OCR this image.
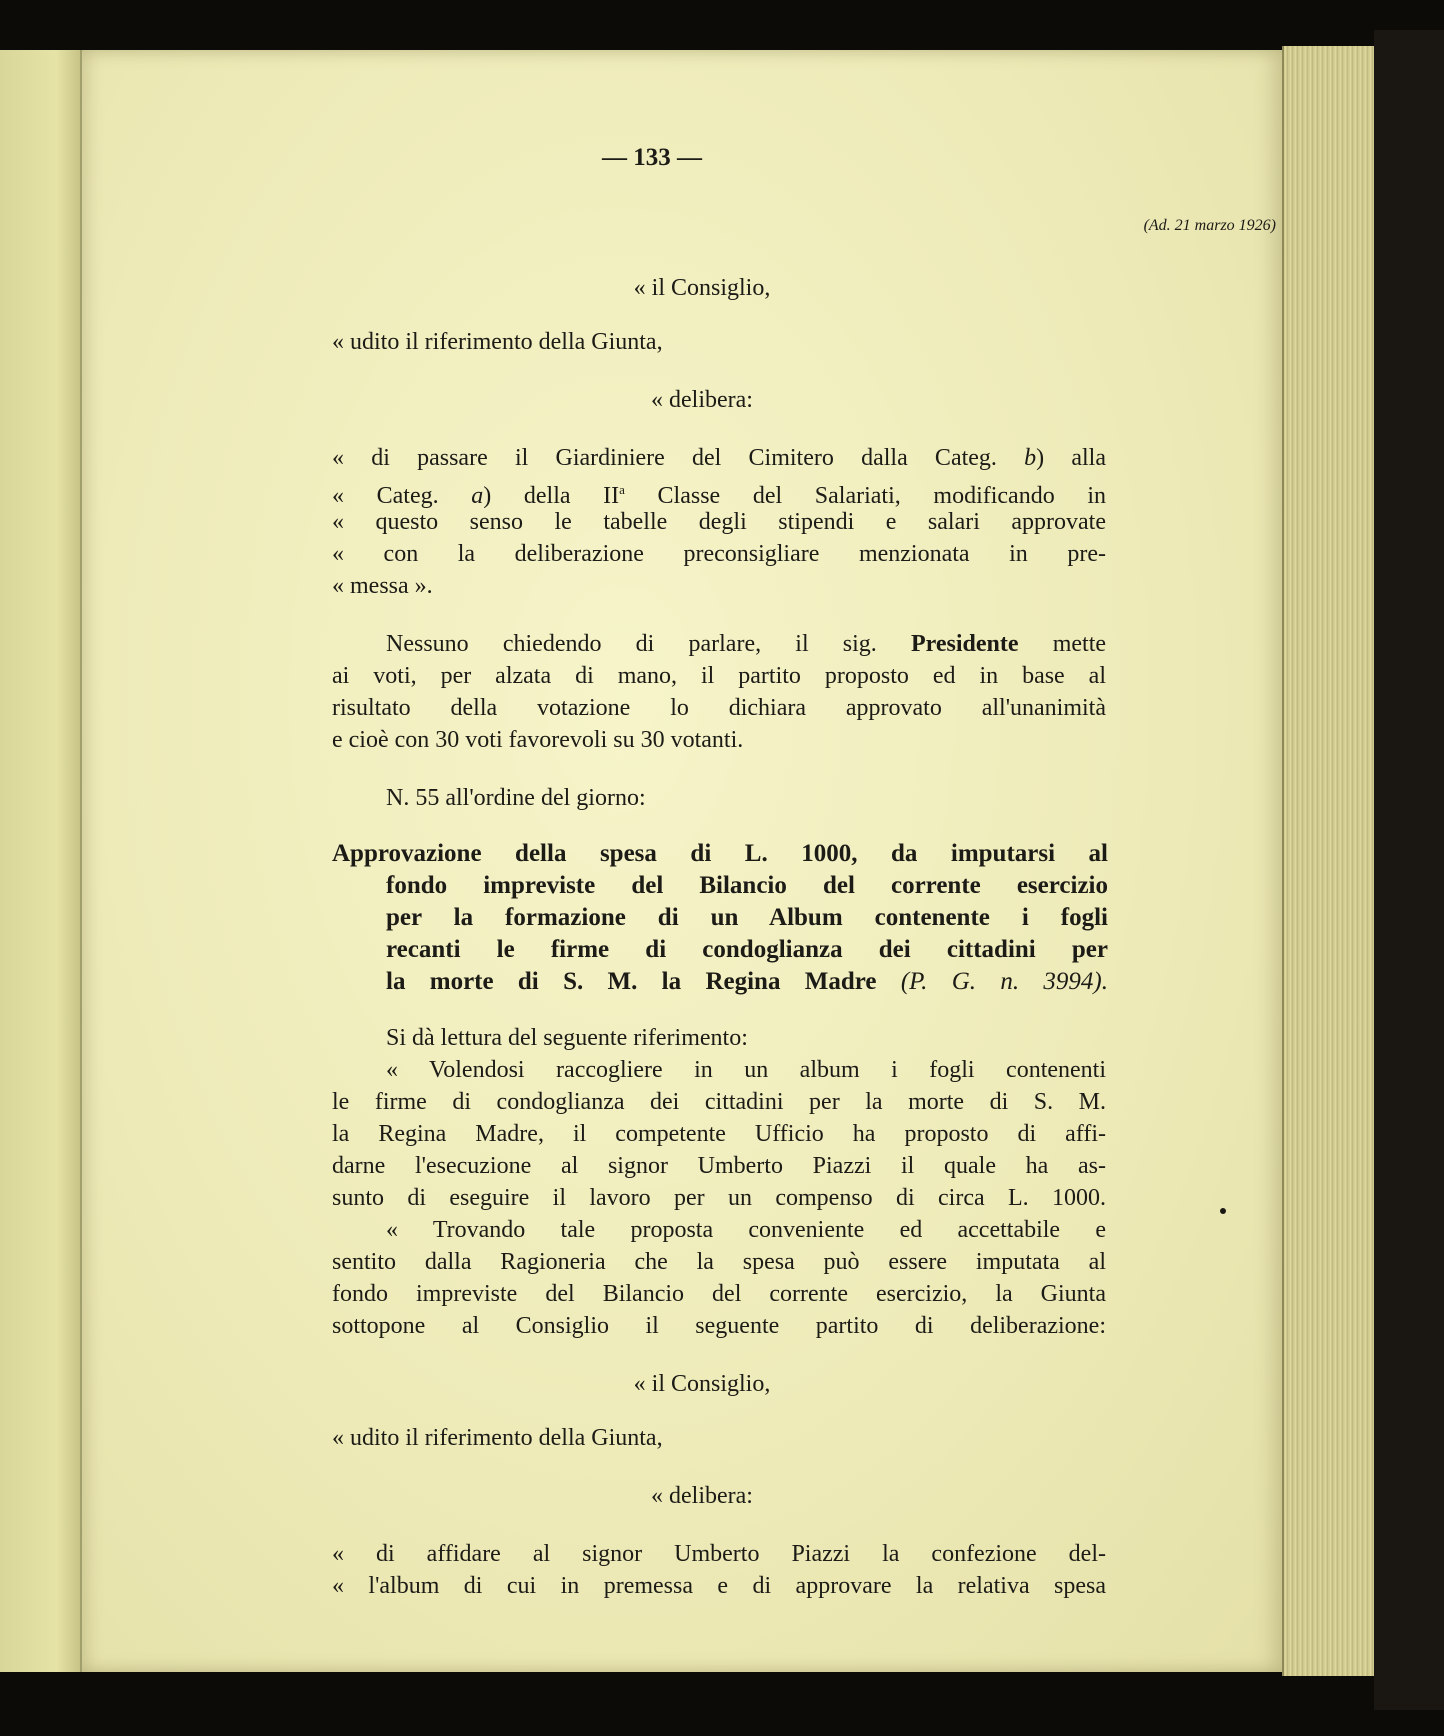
— 133 —
(Ad. 21 marzo 1926)
« il Consiglio,
« udito il riferimento della Giunta,
« delibera:
« di passare il Giardiniere del Cimitero dalla Categ. b) alla
« Categ. a) della $II^a$ Classe del Salariati, modificando in
« questo senso le tabelle degli stipendi e salari approvate
« con la deliberazione preconsigliare menzionata in pre-
« messa ».
Nessuno chiedendo di parlare, il sig. Presidente mette
ai voti, per alzata di mano, il partito proposto ed in base al
risultato della votazione lo dichiara approvato all'unanimità
e cioè con 30 voti favorevoli su 30 votanti.
N. 55 all'ordine del giorno:
Approvazione della spesa di L. 1000, da imputarsi al
fondo impreviste del Bilancio del corrente esercizio
per la formazione di un Album contenente i fogli
recanti le firme di condoglianza dei cittadini per
la morte di S. M. la Regina Madre (P. G. n. 3994).
Si dà lettura del seguente riferimento:
« Volendosi raccogliere in un album i fogli contenenti
le firme di condoglianza dei cittadini per la morte di S. M.
la Regina Madre, il competente Ufficio ha proposto di affi-
darne l'esecuzione al signor Umberto Piazzi il quale ha as-
sunto di eseguire il lavoro per un compenso di circa L. 1000.
« Trovando tale proposta conveniente ed accettabile e
sentito dalla Ragioneria che la spesa può essere imputata al
fondo impreviste del Bilancio del corrente esercizio, la Giunta
sottopone al Consiglio il seguente partito di deliberazione:
« il Consiglio,
« udito il riferimento della Giunta,
« delibera:
« di affidare al signor Umberto Piazzi la confezione del-
« l'album di cui in premessa e di approvare la relativa spesa
